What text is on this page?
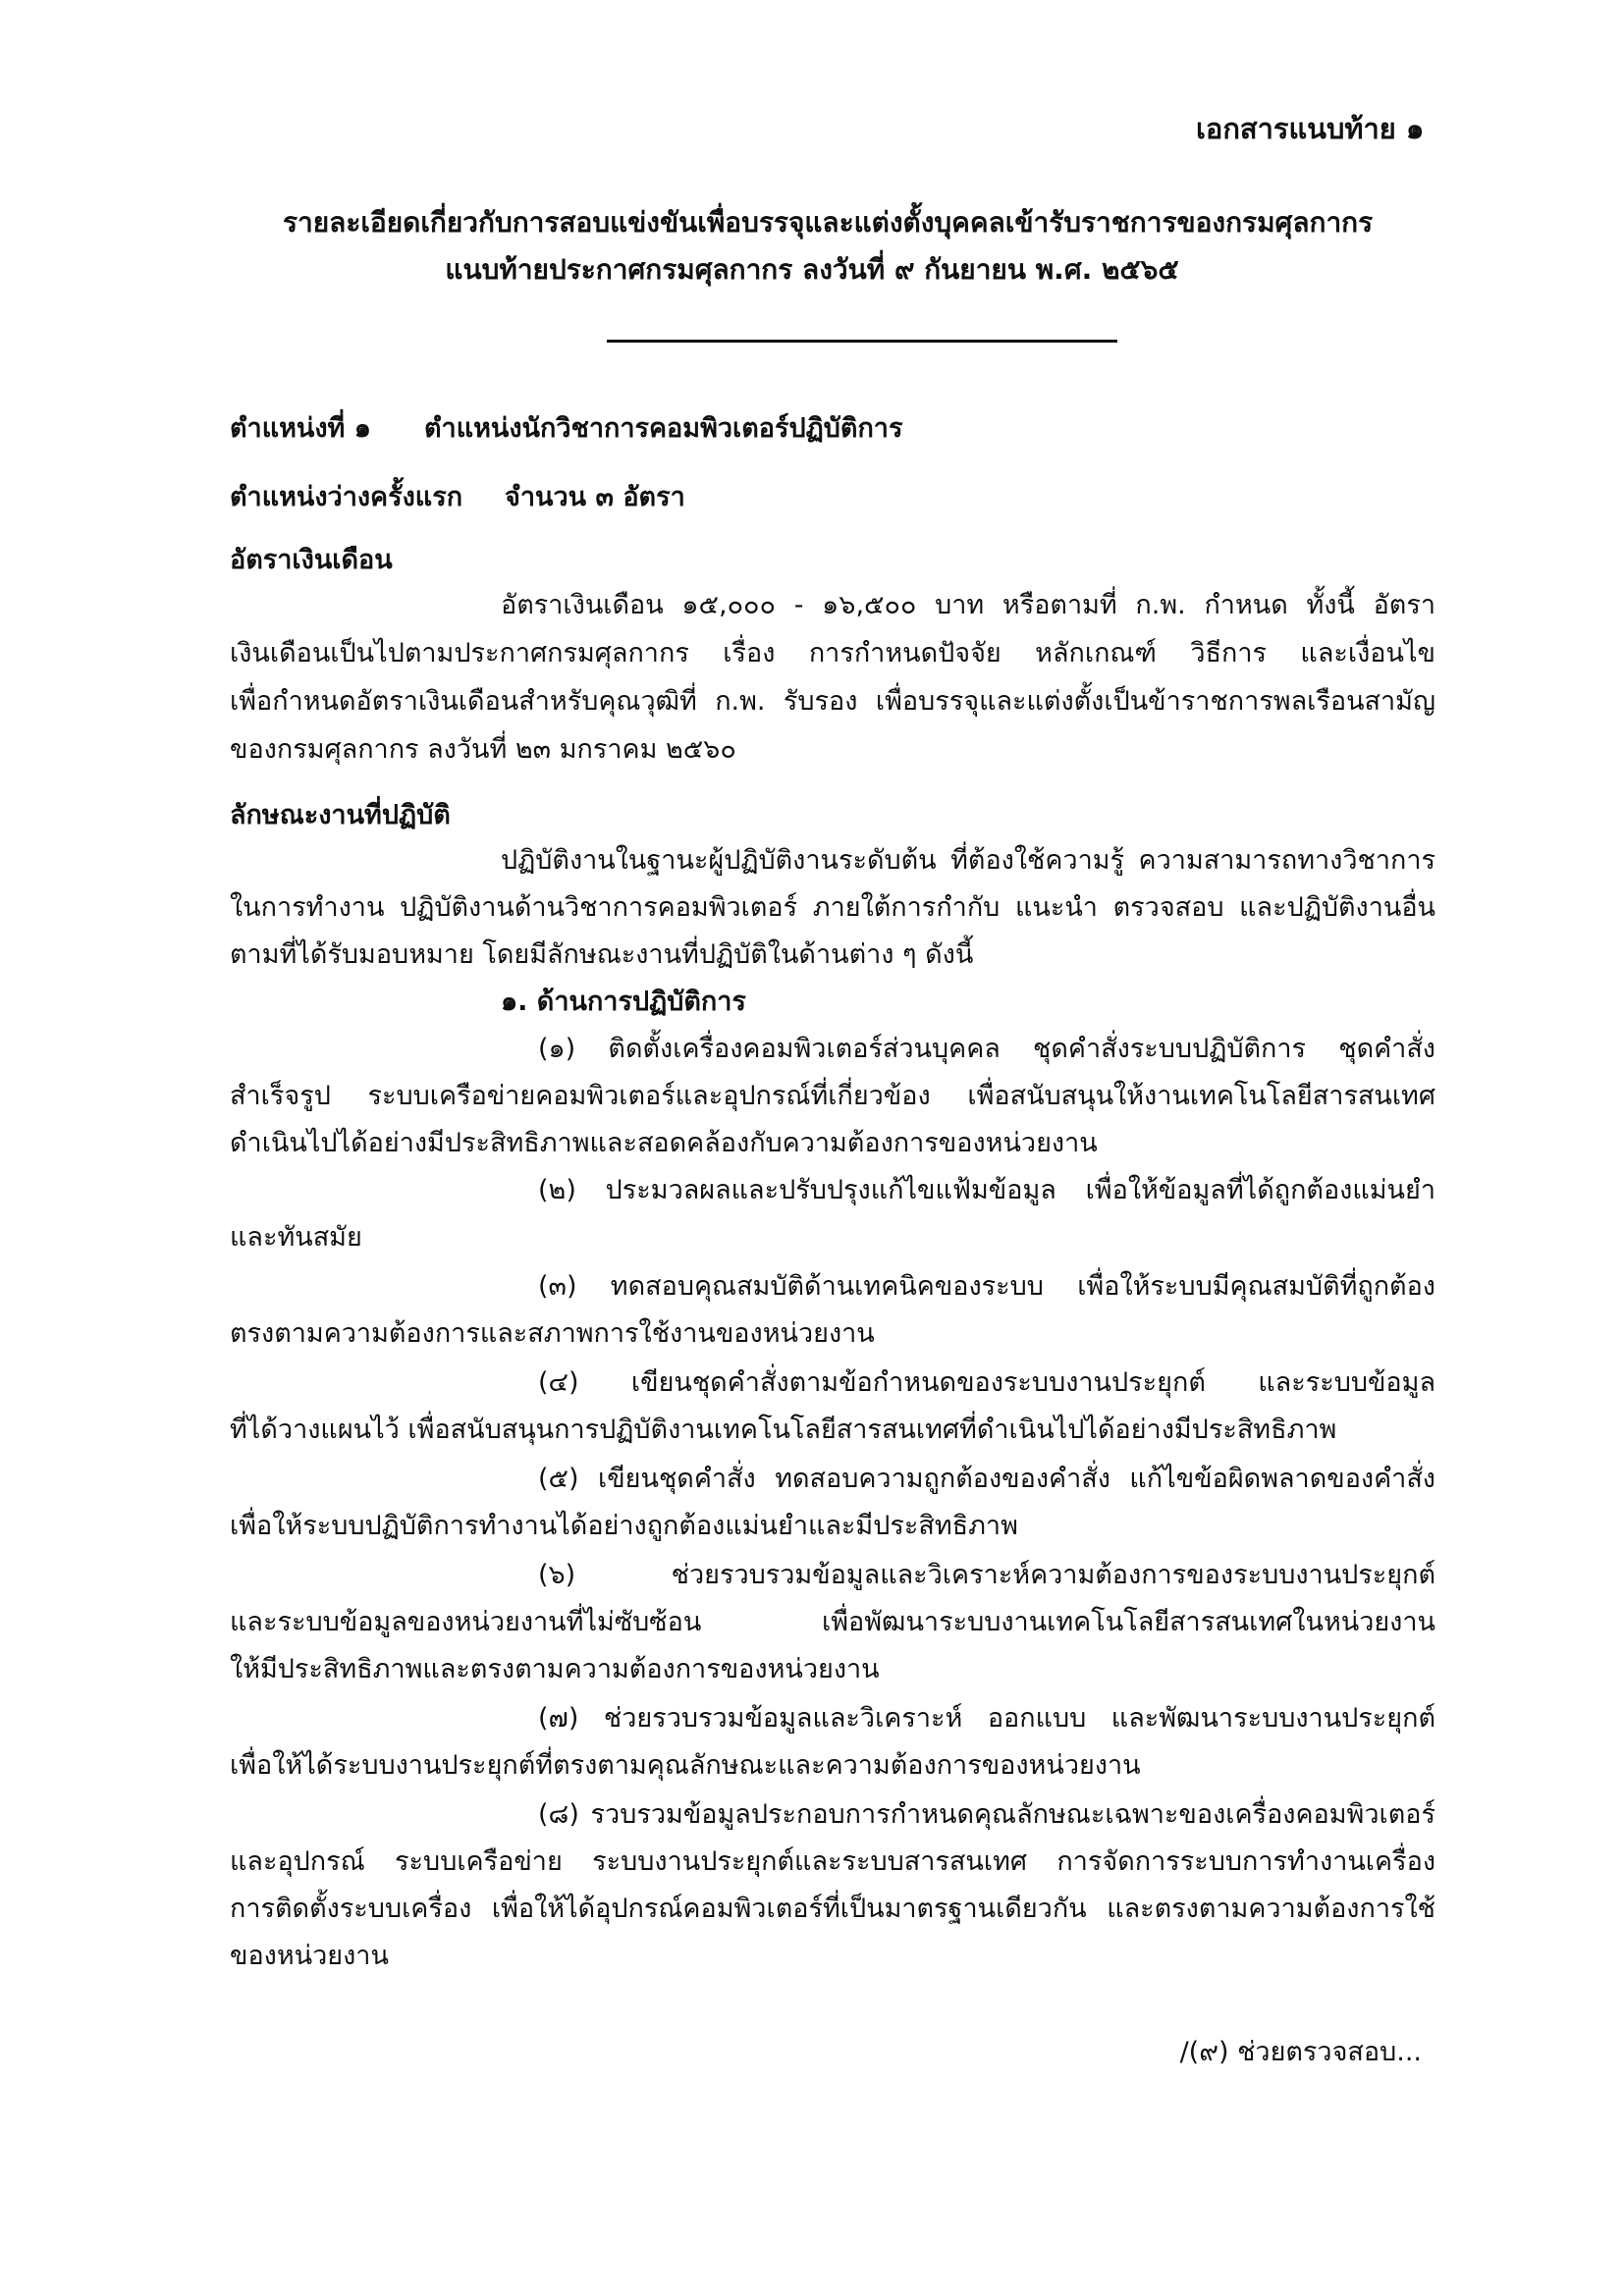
เอกสารแนบท้าย ๑
รายละเอียดเกี่ยวกับการสอบแข่งขันเพื่อบรรจุและแต่งตั้งบุคคลเข้ารับราชการของกรมศุลกากร
แนบท้ายประกาศกรมศุลกากร ลงวันที่ ๙ กันยายน พ.ศ. ๒๕๖๕
ตำแหน่งที่ ๑ ตำแหน่งนักวิชาการคอมพิวเตอร์ปฏิบัติการ
ตำแหน่งว่างครั้งแรก จำนวน ๓ อัตรา
อัตราเงินเดือน
อัตราเงินเดือน ๑๕,๐๐๐ - ๑๖,๕๐๐ บาท หรือตามที่ ก.พ. กำหนด ทั้งนี้ อัตรา
เงินเดือนเป็นไปตามประกาศกรมศุลกากร เรื่อง การกำหนดปัจจัย หลักเกณฑ์ วิธีการ และเงื่อนไข
เพื่อกำหนดอัตราเงินเดือนสำหรับคุณวุฒิที่ ก.พ. รับรอง เพื่อบรรจุและแต่งตั้งเป็นข้าราชการพลเรือนสามัญ
ของกรมศุลกากร ลงวันที่ ๒๓ มกราคม ๒๕๖๐
ลักษณะงานที่ปฏิบัติ
ปฏิบัติงานในฐานะผู้ปฏิบัติงานระดับต้น ที่ต้องใช้ความรู้ ความสามารถทางวิชาการ
ในการทำงาน ปฏิบัติงานด้านวิชาการคอมพิวเตอร์ ภายใต้การกำกับ แนะนำ ตรวจสอบ และปฏิบัติงานอื่น
ตามที่ได้รับมอบหมาย โดยมีลักษณะงานที่ปฏิบัติในด้านต่าง ๆ ดังนี้
๑. ด้านการปฏิบัติการ
(๑) ติดตั้งเครื่องคอมพิวเตอร์ส่วนบุคคล ชุดคำสั่งระบบปฏิบัติการ ชุดคำสั่ง
สำเร็จรูป ระบบเครือข่ายคอมพิวเตอร์และอุปกรณ์ที่เกี่ยวข้อง เพื่อสนับสนุนให้งานเทคโนโลยีสารสนเทศ
ดำเนินไปได้อย่างมีประสิทธิภาพและสอดคล้องกับความต้องการของหน่วยงาน
(๒) ประมวลผลและปรับปรุงแก้ไขแฟ้มข้อมูล เพื่อให้ข้อมูลที่ได้ถูกต้องแม่นยำ
และทันสมัย
(๓) ทดสอบคุณสมบัติด้านเทคนิคของระบบ เพื่อให้ระบบมีคุณสมบัติที่ถูกต้อง
ตรงตามความต้องการและสภาพการใช้งานของหน่วยงาน
(๔) เขียนชุดคำสั่งตามข้อกำหนดของระบบงานประยุกต์ และระบบข้อมูล
ที่ได้วางแผนไว้ เพื่อสนับสนุนการปฏิบัติงานเทคโนโลยีสารสนเทศที่ดำเนินไปได้อย่างมีประสิทธิภาพ
(๕) เขียนชุดคำสั่ง ทดสอบความถูกต้องของคำสั่ง แก้ไขข้อผิดพลาดของคำสั่ง
เพื่อให้ระบบปฏิบัติการทำงานได้อย่างถูกต้องแม่นยำและมีประสิทธิภาพ
(๖) ช่วยรวบรวมข้อมูลและวิเคราะห์ความต้องการของระบบงานประยุกต์
และระบบข้อมูลของหน่วยงานที่ไม่ซับซ้อน เพื่อพัฒนาระบบงานเทคโนโลยีสารสนเทศในหน่วยงาน
ให้มีประสิทธิภาพและตรงตามความต้องการของหน่วยงาน
(๗) ช่วยรวบรวมข้อมูลและวิเคราะห์ ออกแบบ และพัฒนาระบบงานประยุกต์
เพื่อให้ได้ระบบงานประยุกต์ที่ตรงตามคุณลักษณะและความต้องการของหน่วยงาน
(๘) รวบรวมข้อมูลประกอบการกำหนดคุณลักษณะเฉพาะของเครื่องคอมพิวเตอร์
และอุปกรณ์ ระบบเครือข่าย ระบบงานประยุกต์และระบบสารสนเทศ การจัดการระบบการทำงานเครื่อง
การติดตั้งระบบเครื่อง เพื่อให้ได้อุปกรณ์คอมพิวเตอร์ที่เป็นมาตรฐานเดียวกัน และตรงตามความต้องการใช้
ของหน่วยงาน
/(๙) ช่วยตรวจสอบ...
